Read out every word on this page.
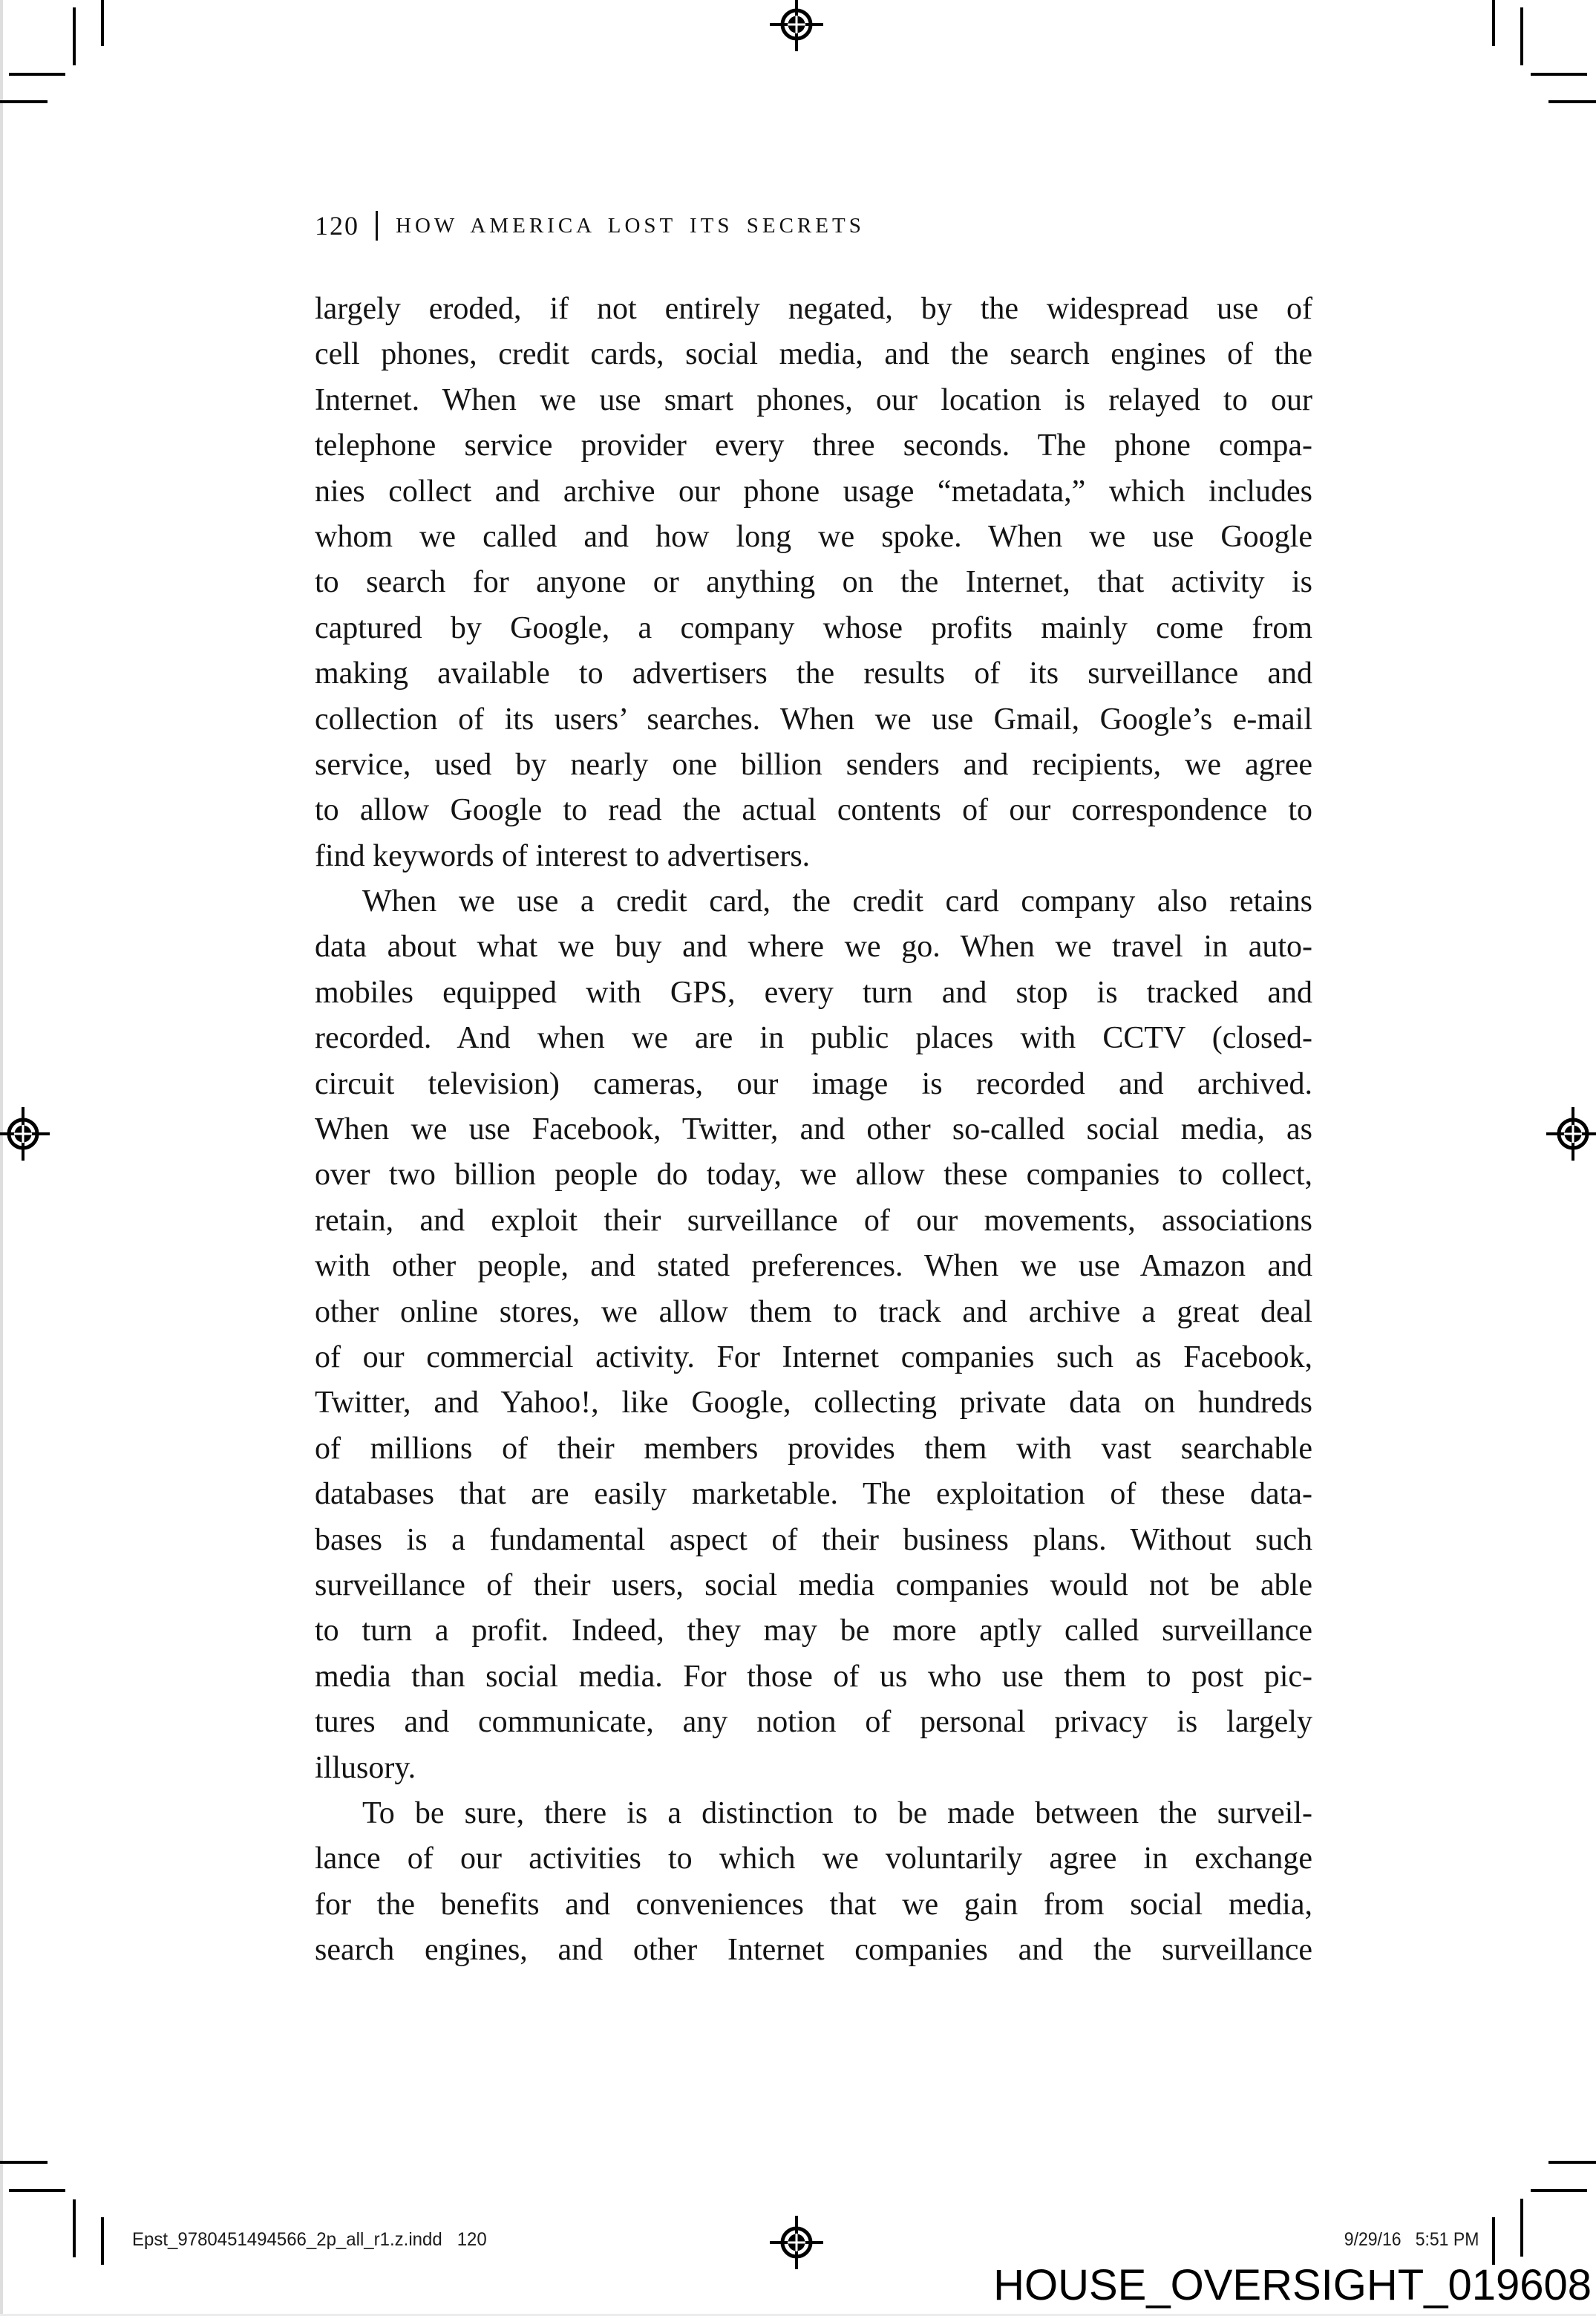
120 HOW AMERICA LOST ITS SECRETS
largely eroded, if not entirely negated, by the widespread use of
cell phones, credit cards, social media, and the search engines of the
Internet. When we use smart phones, our location is relayed to our
telephone service provider every three seconds. The phone compa-
nies collect and archive our phone usage “metadata,” which includes
whom we called and how long we spoke. When we use Google
to search for anyone or anything on the Internet, that activity is
captured by Google, a company whose profits mainly come from
making available to advertisers the results of its surveillance and
collection of its users’ searches. When we use Gmail, Google’s e-mail
service, used by nearly one billion senders and recipients, we agree
to allow Google to read the actual contents of our correspondence to
find keywords of interest to advertisers.
When we use a credit card, the credit card company also retains
data about what we buy and where we go. When we travel in auto-
mobiles equipped with GPS, every turn and stop is tracked and
recorded. And when we are in public places with CCTV (closed-
circuit television) cameras, our image is recorded and archived.
When we use Facebook, Twitter, and other so-called social media, as
over two billion people do today, we allow these companies to collect,
retain, and exploit their surveillance of our movements, associations
with other people, and stated preferences. When we use Amazon and
other online stores, we allow them to track and archive a great deal
of our commercial activity. For Internet companies such as Facebook,
Twitter, and Yahoo!, like Google, collecting private data on hundreds
of millions of their members provides them with vast searchable
databases that are easily marketable. The exploitation of these data-
bases is a fundamental aspect of their business plans. Without such
surveillance of their users, social media companies would not be able
to turn a profit. Indeed, they may be more aptly called surveillance
media than social media. For those of us who use them to post pic-
tures and communicate, any notion of personal privacy is largely
illusory.
To be sure, there is a distinction to be made between the surveil-
lance of our activities to which we voluntarily agree in exchange
for the benefits and conveniences that we gain from social media,
search engines, and other Internet companies and the surveillance
Epst_9780451494566_2p_all_r1.z.indd   120	9/29/16   5:51 PM
HOUSE_OVERSIGHT_019608
